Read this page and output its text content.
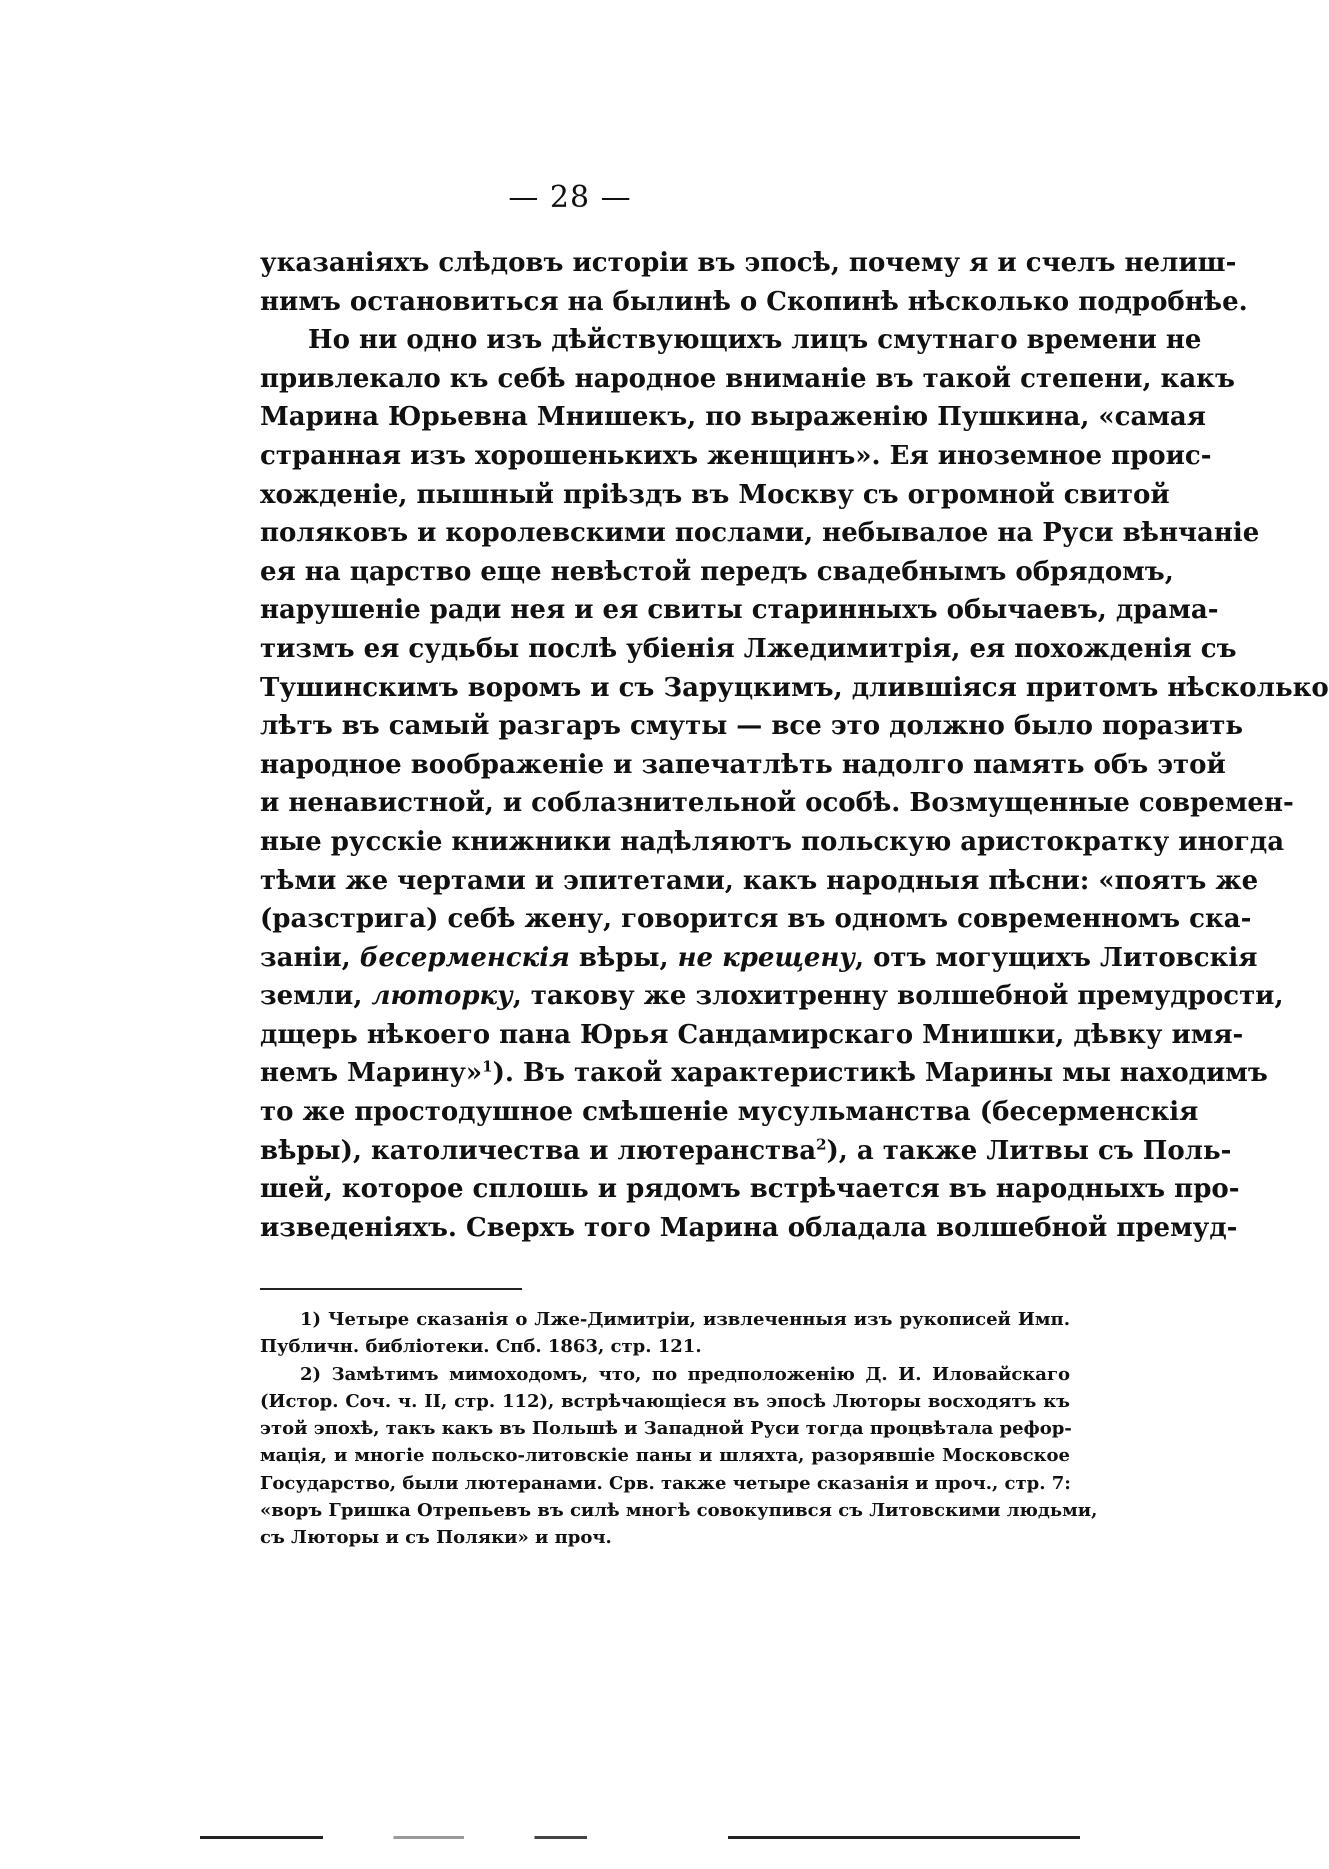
— 28 —
указаніяхъ слѣдовъ исторіи въ эпосѣ, почему я и счелъ нелиш-
нимъ остановиться на былинѣ о Скопинѣ нѣсколько подробнѣе.
Но ни одно изъ дѣйствующихъ лицъ смутнаго времени не
привлекало къ себѣ народное вниманіе въ такой степени, какъ
Марина Юрьевна Мнишекъ, по выраженію Пушкина, «самая
странная изъ хорошенькихъ женщинъ». Ея иноземное проис-
хожденіе, пышный пріѣздъ въ Москву съ огромной свитой
поляковъ и королевскими послами, небывалое на Руси вѣнчаніе
ея на царство еще невѣстой передъ свадебнымъ обрядомъ,
нарушеніе ради нея и ея свиты старинныхъ обычаевъ, драма-
тизмъ ея судьбы послѣ убіенія Лжедимитрія, ея похожденія съ
Тушинскимъ воромъ и съ Заруцкимъ, длившіяся притомъ нѣсколько
лѣтъ въ самый разгаръ смуты — все это должно было поразить
народное воображеніе и запечатлѣть надолго память объ этой
и ненавистной, и соблазнительной особѣ. Возмущенные современ-
ные русскіе книжники надѣляютъ польскую аристократку иногда
тѣми же чертами и эпитетами, какъ народныя пѣсни: «поятъ же
(разстрига) себѣ жену, говорится въ одномъ современномъ ска-
заніи, бесерменскія вѣры, не крещену, отъ могущихъ Литовскія
земли, люторку, такову же злохитренну волшебной премудрости,
дщерь нѣкоего пана Юрья Сандамирскаго Мнишки, дѣвку имя-
немъ Марину»$^1$). Въ такой характеристикѣ Марины мы находимъ
то же простодушное смѣшеніе мусульманства (бесерменскія
вѣры), католичества и лютеранства$^2$), а также Литвы съ Поль-
шей, которое сплошь и рядомъ встрѣчается въ народныхъ про-
изведеніяхъ. Сверхъ того Марина обладала волшебной премуд-
1) Четыре сказанія о Лже-Димитріи, извлеченныя изъ рукописей Имп.
Публичн. библіотеки. Спб. 1863, стр. 121.
2) Замѣтимъ мимоходомъ, что, по предположенію Д. И. Иловайскаго
(Истор. Соч. ч. II, стр. 112), встрѣчающіеся въ эпосѣ Люторы восходятъ къ
этой эпохѣ, такъ какъ въ Польшѣ и Западной Руси тогда процвѣтала рефор-
мація, и многіе польско-литовскіе паны и шляхта, разорявшіе Московское
Государство, были лютеранами. Срв. также четыре сказанія и проч., стр. 7:
«воръ Гришка Отрепьевъ въ силѣ многѣ совокупився съ Литовскими людьми,
съ Люторы и съ Поляки» и проч.
